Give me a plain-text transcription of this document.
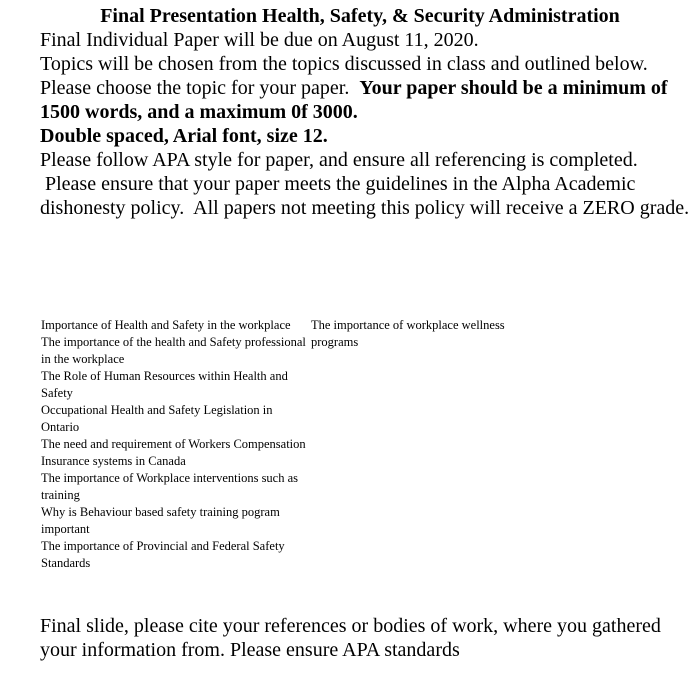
Final Presentation Health, Safety, & Security Administration

Final Individual Paper will be due on August 11, 2020.

Topics will be chosen from the topics discussed in class and outlined below.
Please choose the topic for your paper. Your paper should be a minimum of 1500 words, and a maximum 0f 3000.

Double spaced, Arial font, size 12.

Please follow APA style for paper, and ensure all referencing is completed.

Please ensure that your paper meets the guidelines in the Alpha Academic dishonesty policy. All papers not meeting this policy will receive a ZERO grade.

Importance of Health and Safety in the workplace

The importance of the health and Safety professional in the workplace

The Role of Human Resources within Health and Safety

Occupational Health and Safety Legislation in Ontario

The need and requirement of Workers Compensation Insurance systems in Canada

The importance of Workplace interventions such as training

Why is Behaviour based safety training pogram important

The importance of Provincial and Federal Safety Standards

The importance of workplace wellness programs

Final slide, please cite your references or bodies of work, where you gathered your information from. Please ensure APA standards
